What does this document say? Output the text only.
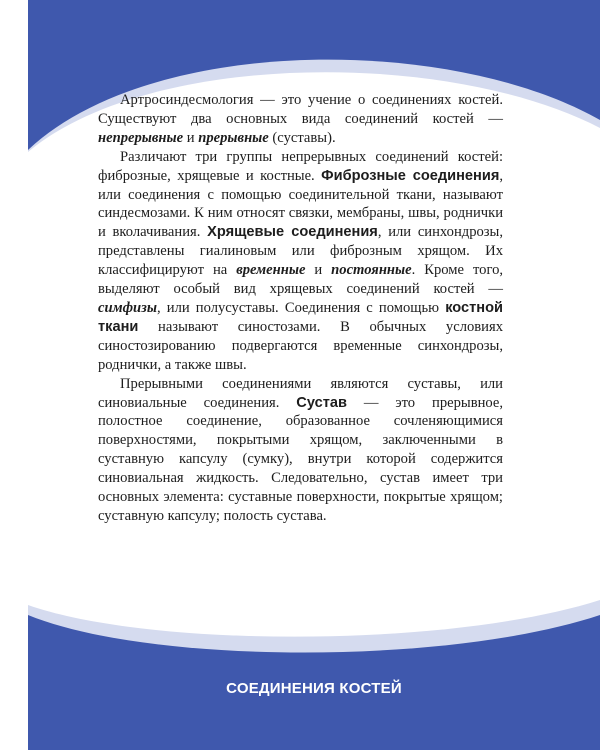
Артросиндесмология — это учение о соединениях костей. Существуют два основных вида соединений костей — непрерывные и прерывные (суставы).

Различают три группы непрерывных соединений костей: фиброзные, хрящевые и костные. Фиброзные соединения, или соединения с помощью соединительной ткани, называют синдесмозами. К ним относят связки, мембраны, швы, роднички и вколачивания. Хрящевые соединения, или синхондрозы, представлены гиалиновым или фиброзным хрящом. Их классифицируют на временные и постоянные. Кроме того, выделяют особый вид хрящевых соединений костей — симфизы, или полусуставы. Соединения с помощью костной ткани называют синостозами. В обычных условиях синостозированию подвергаются временные синхондрозы, роднички, а также швы.

Прерывными соединениями являются суставы, или синовиальные соединения. Сустав — это прерывное, полостное соединение, образованное сочленяющимися поверхностями, покрытыми хрящом, заключенными в суставную капсулу (сумку), внутри которой содержится синовиальная жидкость. Следовательно, сустав имеет три основных элемента: суставные поверхности, покрытые хрящом; суставную капсулу; полость сустава.

СОЕДИНЕНИЯ КОСТЕЙ
